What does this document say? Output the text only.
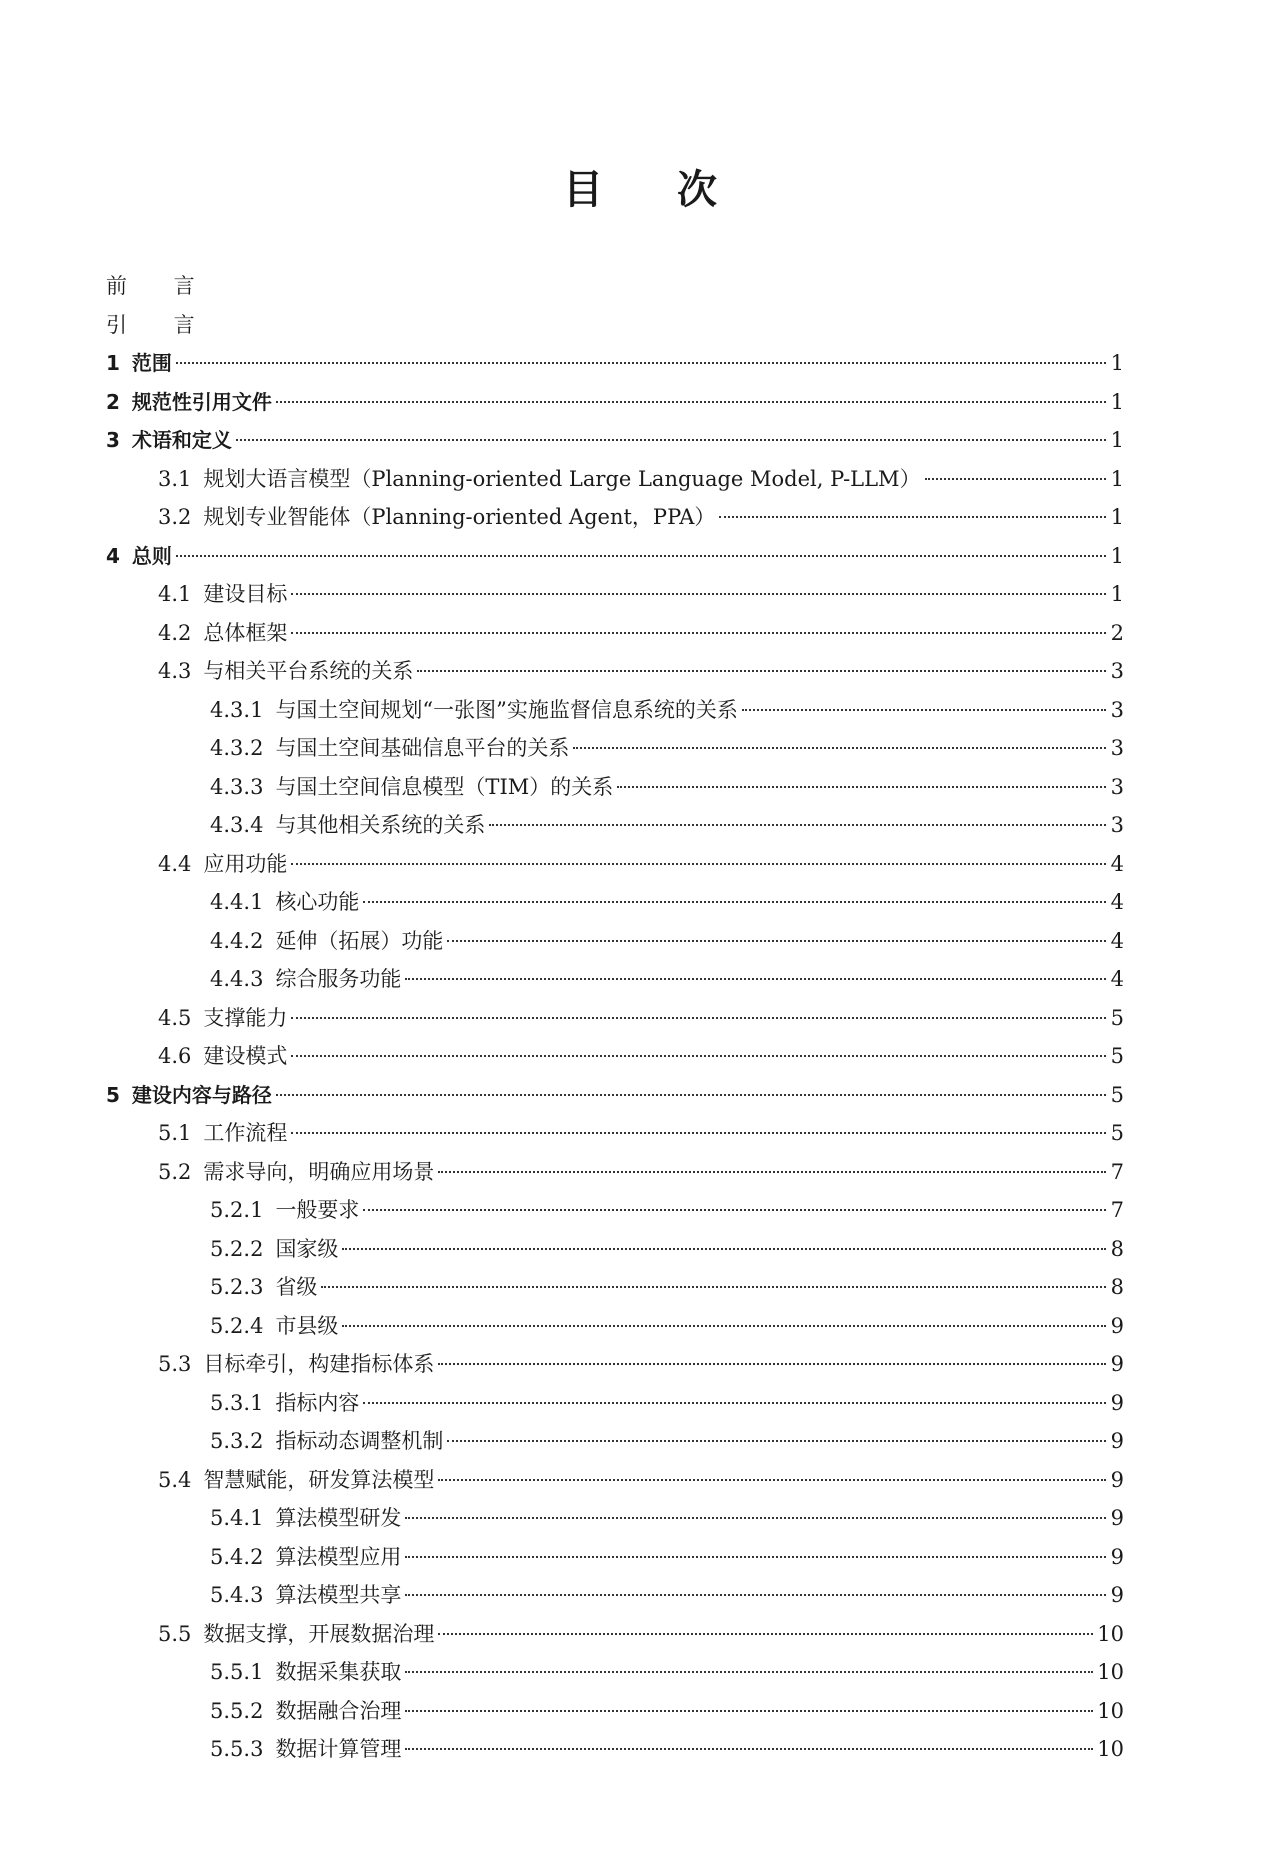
目 次
前 言
引 言
1 范围	1
2 规范性引用文件	1
3 术语和定义	1
3.1 规划大语言模型（Planning-oriented Large Language Model, P-LLM）	1
3.2 规划专业智能体（Planning-oriented Agent，PPA）	1
4 总则	1
4.1 建设目标	1
4.2 总体框架	2
4.3 与相关平台系统的关系	3
4.3.1 与国土空间规划“一张图”实施监督信息系统的关系	3
4.3.2 与国土空间基础信息平台的关系	3
4.3.3 与国土空间信息模型（TIM）的关系	3
4.3.4 与其他相关系统的关系	3
4.4 应用功能	4
4.4.1 核心功能	4
4.4.2 延伸（拓展）功能	4
4.4.3 综合服务功能	4
4.5 支撑能力	5
4.6 建设模式	5
5 建设内容与路径	5
5.1 工作流程	5
5.2 需求导向，明确应用场景	7
5.2.1 一般要求	7
5.2.2 国家级	8
5.2.3 省级	8
5.2.4 市县级	9
5.3 目标牵引，构建指标体系	9
5.3.1 指标内容	9
5.3.2 指标动态调整机制	9
5.4 智慧赋能，研发算法模型	9
5.4.1 算法模型研发	9
5.4.2 算法模型应用	9
5.4.3 算法模型共享	9
5.5 数据支撑，开展数据治理	10
5.5.1 数据采集获取	10
5.5.2 数据融合治理	10
5.5.3 数据计算管理	10
